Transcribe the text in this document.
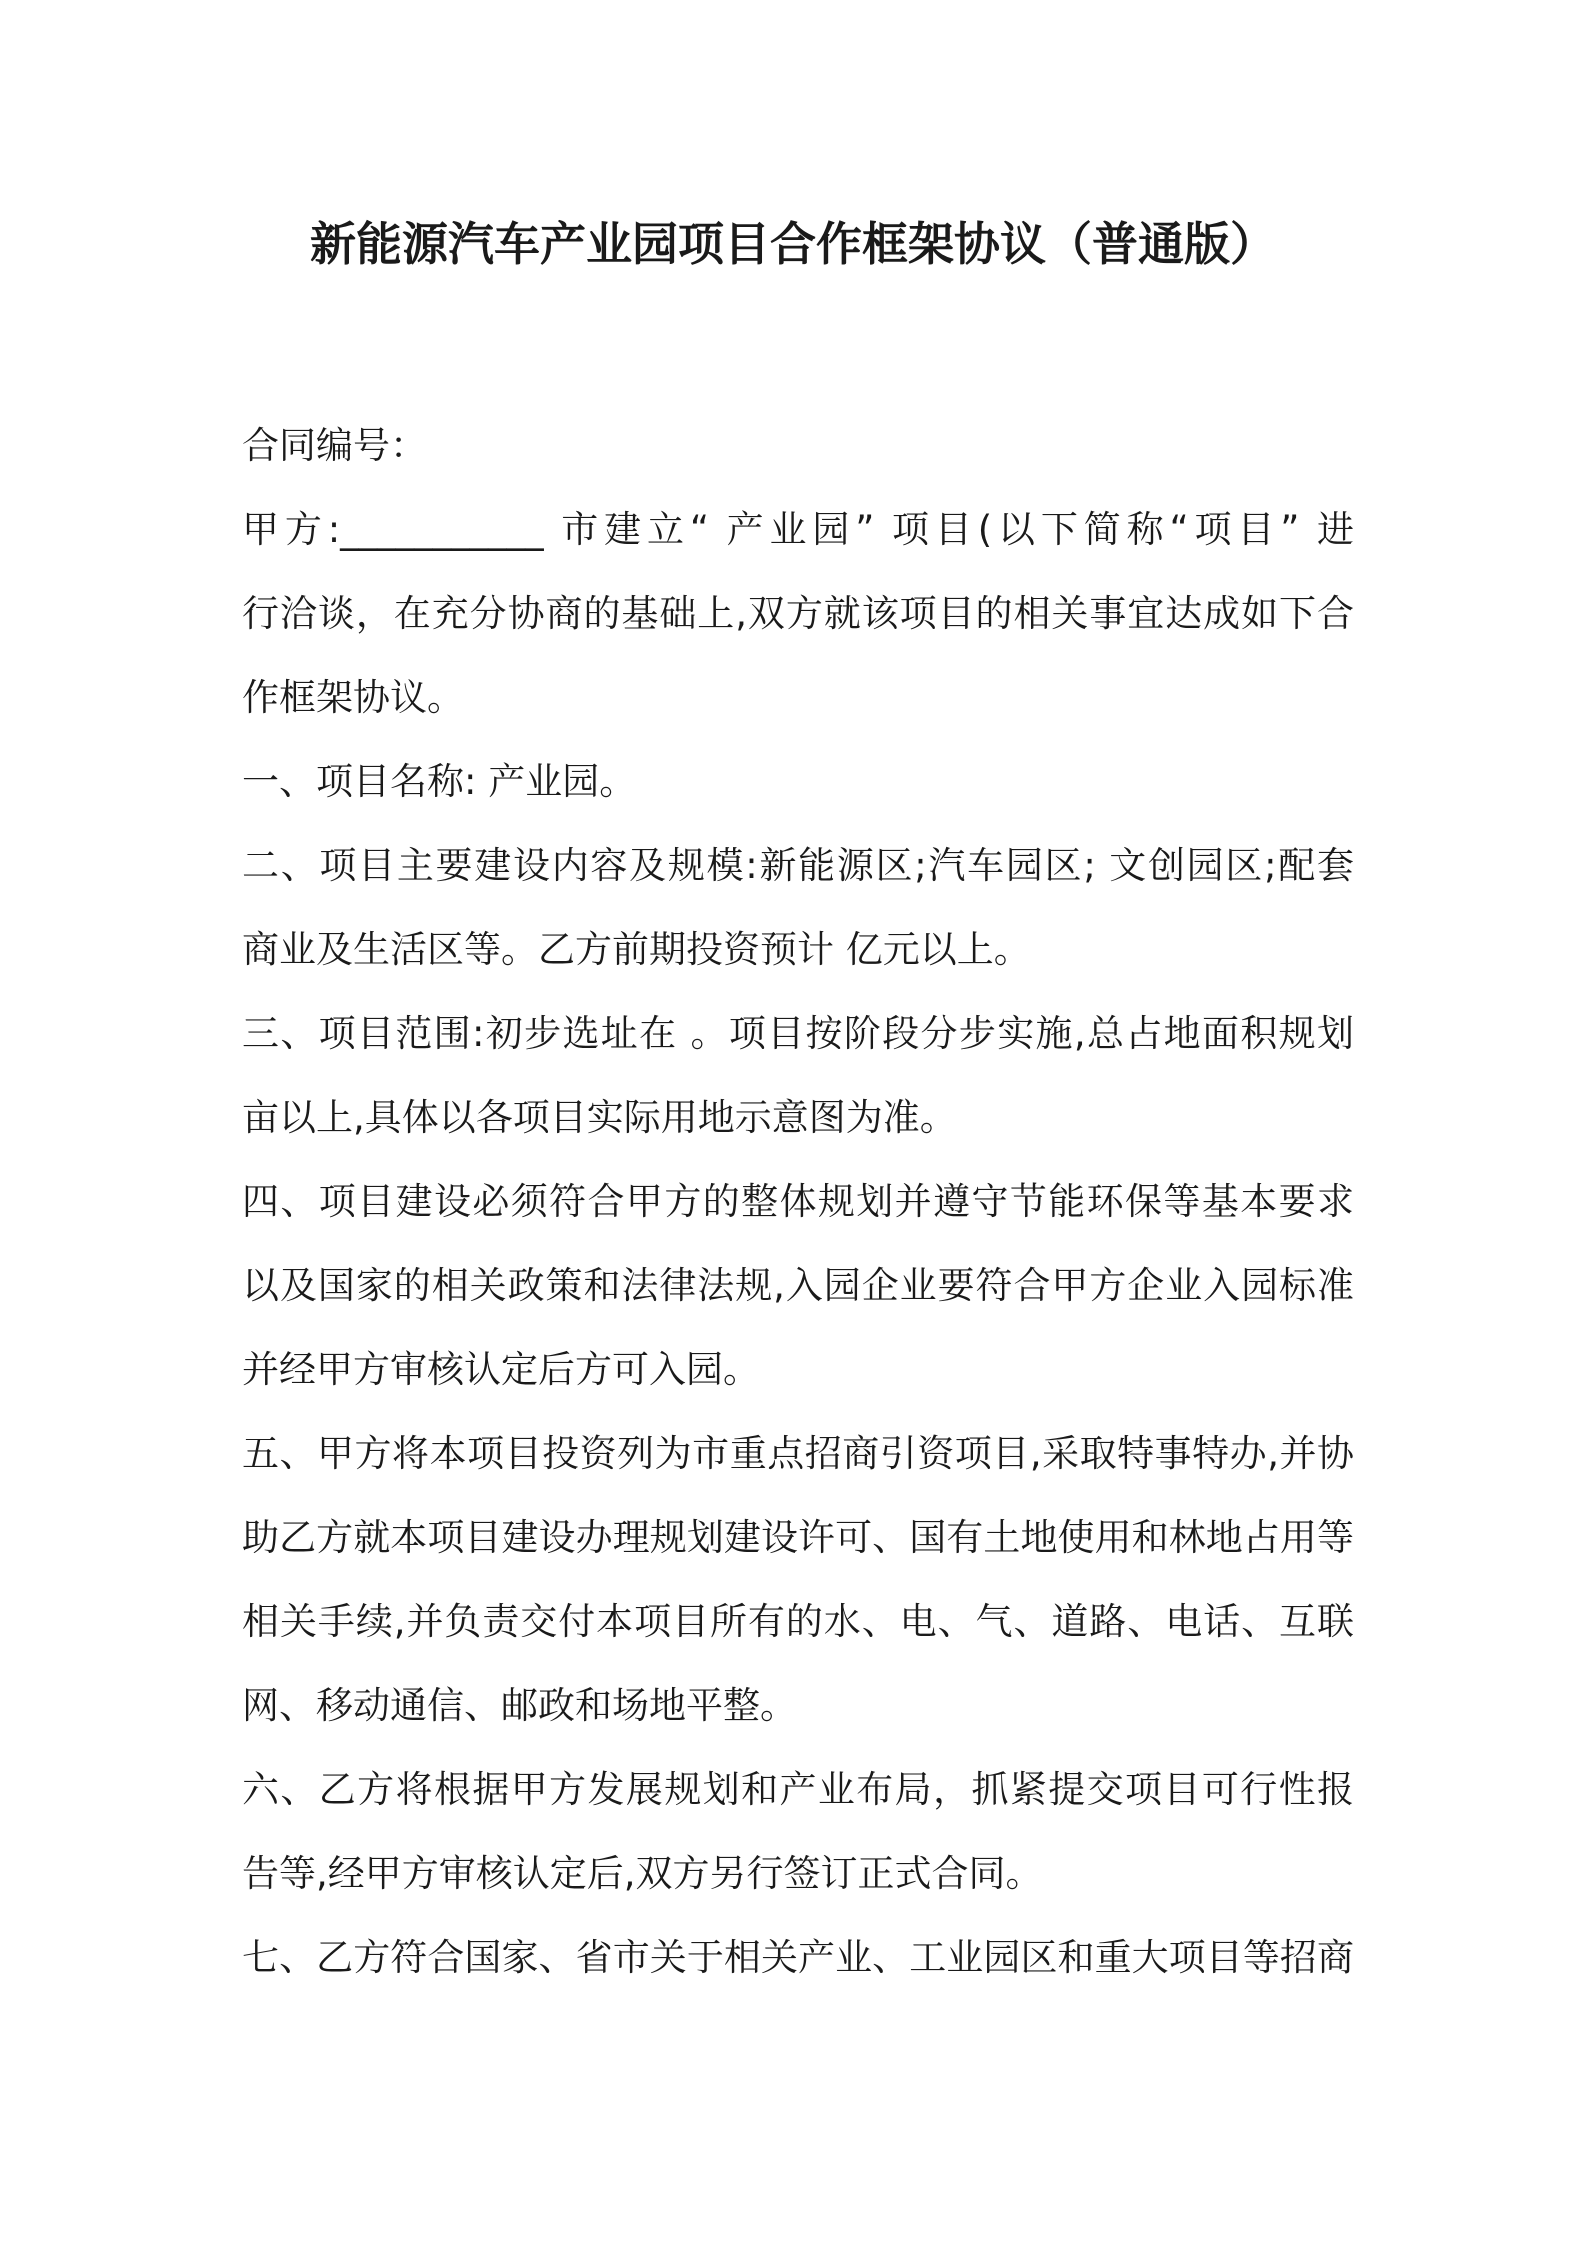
新能源汽车产业园项目合作框架协议（普通版）
合同编号：
甲方:___________ 市建立“ 产业园” 项目(以下简称“项目” 进
行洽谈，在充分协商的基础上,双方就该项目的相关事宜达成如下合
作框架协议。
一、项目名称: 产业园。
二、项目主要建设内容及规模:新能源区;汽车园区; 文创园区;配套
商业及生活区等。乙方前期投资预计 亿元以上。
三、项目范围:初步选址在 。项目按阶段分步实施,总占地面积规划
亩以上,具体以各项目实际用地示意图为准。
四、项目建设必须符合甲方的整体规划并遵守节能环保等基本要求
以及国家的相关政策和法律法规,入园企业要符合甲方企业入园标准
并经甲方审核认定后方可入园。
五、甲方将本项目投资列为市重点招商引资项目,采取特事特办,并协
助乙方就本项目建设办理规划建设许可、国有土地使用和林地占用等
相关手续,并负责交付本项目所有的水、电、气、道路、电话、互联
网、移动通信、邮政和场地平整。
六、乙方将根据甲方发展规划和产业布局，抓紧提交项目可行性报
告等,经甲方审核认定后,双方另行签订正式合同。
七、乙方符合国家、省市关于相关产业、工业园区和重大项目等招商
